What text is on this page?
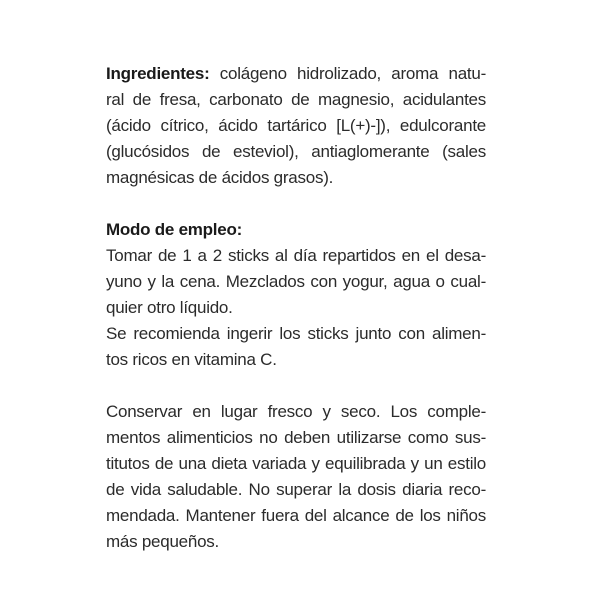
Ingredientes: colágeno hidrolizado, aroma natu-
ral de fresa, carbonato de magnesio, acidulantes
(ácido cítrico, ácido tartárico [L(+)-]), edulcorante
(glucósidos de esteviol), antiaglomerante (sales
magnésicas de ácidos grasos).
Modo de empleo:
Tomar de 1 a 2 sticks al día repartidos en el desa-
yuno y la cena. Mezclados con yogur, agua o cual-
quier otro líquido.
Se recomienda ingerir los sticks junto con alimen-
tos ricos en vitamina C.
Conservar en lugar fresco y seco. Los comple-
mentos alimenticios no deben utilizarse como sus-
titutos de una dieta variada y equilibrada y un estilo
de vida saludable. No superar la dosis diaria reco-
mendada. Mantener fuera del alcance de los niños
más pequeños.
